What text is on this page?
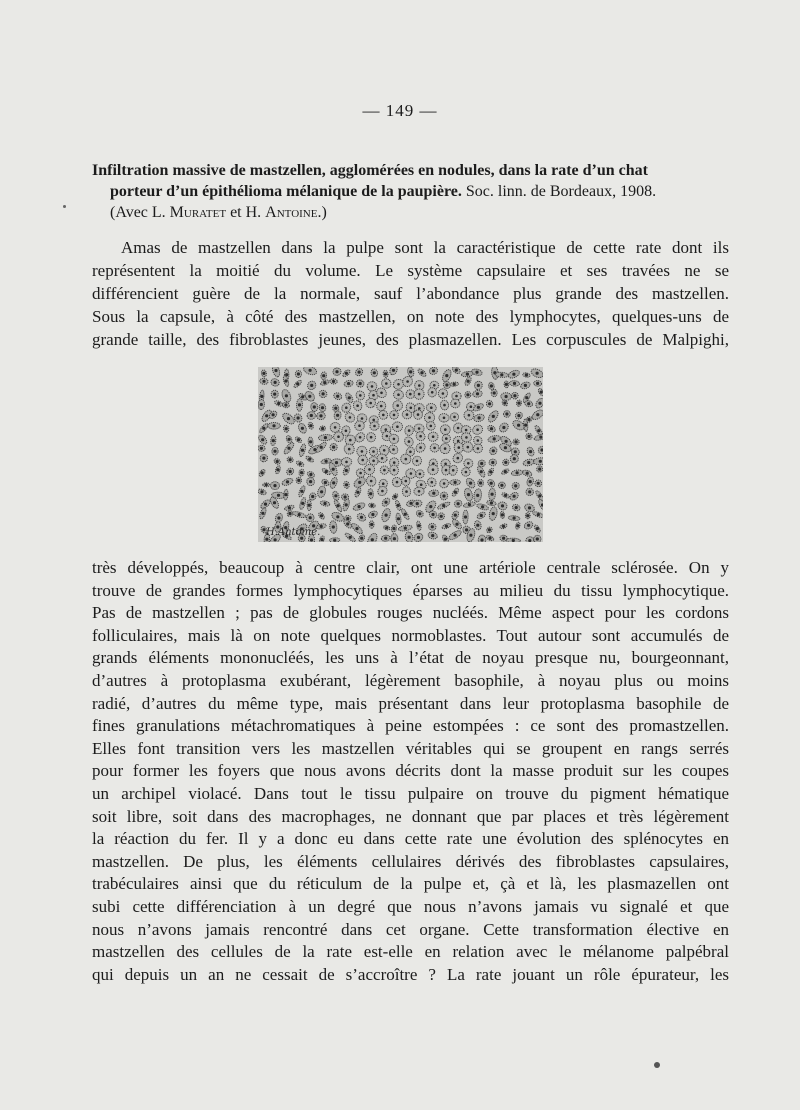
— 149 —
Infiltration massive de mastzellen, agglomérées en nodules, dans la rate d’un chat
porteur d’un épithélioma mélanique de la paupière. Soc. linn. de Bordeaux, 1908.
(Avec L. Muratet et H. Antoine.)
Amas de mastzellen dans la pulpe sont la caractéristique de cette rate dont ils
représentent la moitié du volume. Le système capsulaire et ses travées ne se
différencient guère de la normale, sauf l’abondance plus grande des mastzellen.
Sous la capsule, à côté des mastzellen, on note des lymphocytes, quelques-uns de
grande taille, des fibroblastes jeunes, des plasmazellen. Les corpuscules de Malpighi,
H.Antoine.
très développés, beaucoup à centre clair, ont une artériole centrale sclérosée. On y
trouve de grandes formes lymphocytiques éparses au milieu du tissu lymphocytique.
Pas de mastzellen ; pas de globules rouges nucléés. Même aspect pour les cordons
folliculaires, mais là on note quelques normoblastes. Tout autour sont accumulés de
grands éléments mononucléés, les uns à l’état de noyau presque nu, bourgeonnant,
d’autres à protoplasma exubérant, légèrement basophile, à noyau plus ou moins
radié, d’autres du même type, mais présentant dans leur protoplasma basophile de
fines granulations métachromatiques à peine estompées : ce sont des promastzellen.
Elles font transition vers les mastzellen véritables qui se groupent en rangs serrés
pour former les foyers que nous avons décrits dont la masse produit sur les coupes
un archipel violacé. Dans tout le tissu pulpaire on trouve du pigment hématique
soit libre, soit dans des macrophages, ne donnant que par places et très légèrement
la réaction du fer. Il y a donc eu dans cette rate une évolution des splénocytes en
mastzellen. De plus, les éléments cellulaires dérivés des fibroblastes capsulaires,
trabéculaires ainsi que du réticulum de la pulpe et, çà et là, les plasmazellen ont
subi cette différenciation à un degré que nous n’avons jamais vu signalé et que
nous n’avons jamais rencontré dans cet organe. Cette transformation élective en
mastzellen des cellules de la rate est-elle en relation avec le mélanome palpébral
qui depuis un an ne cessait de s’accroître ? La rate jouant un rôle épurateur, les
